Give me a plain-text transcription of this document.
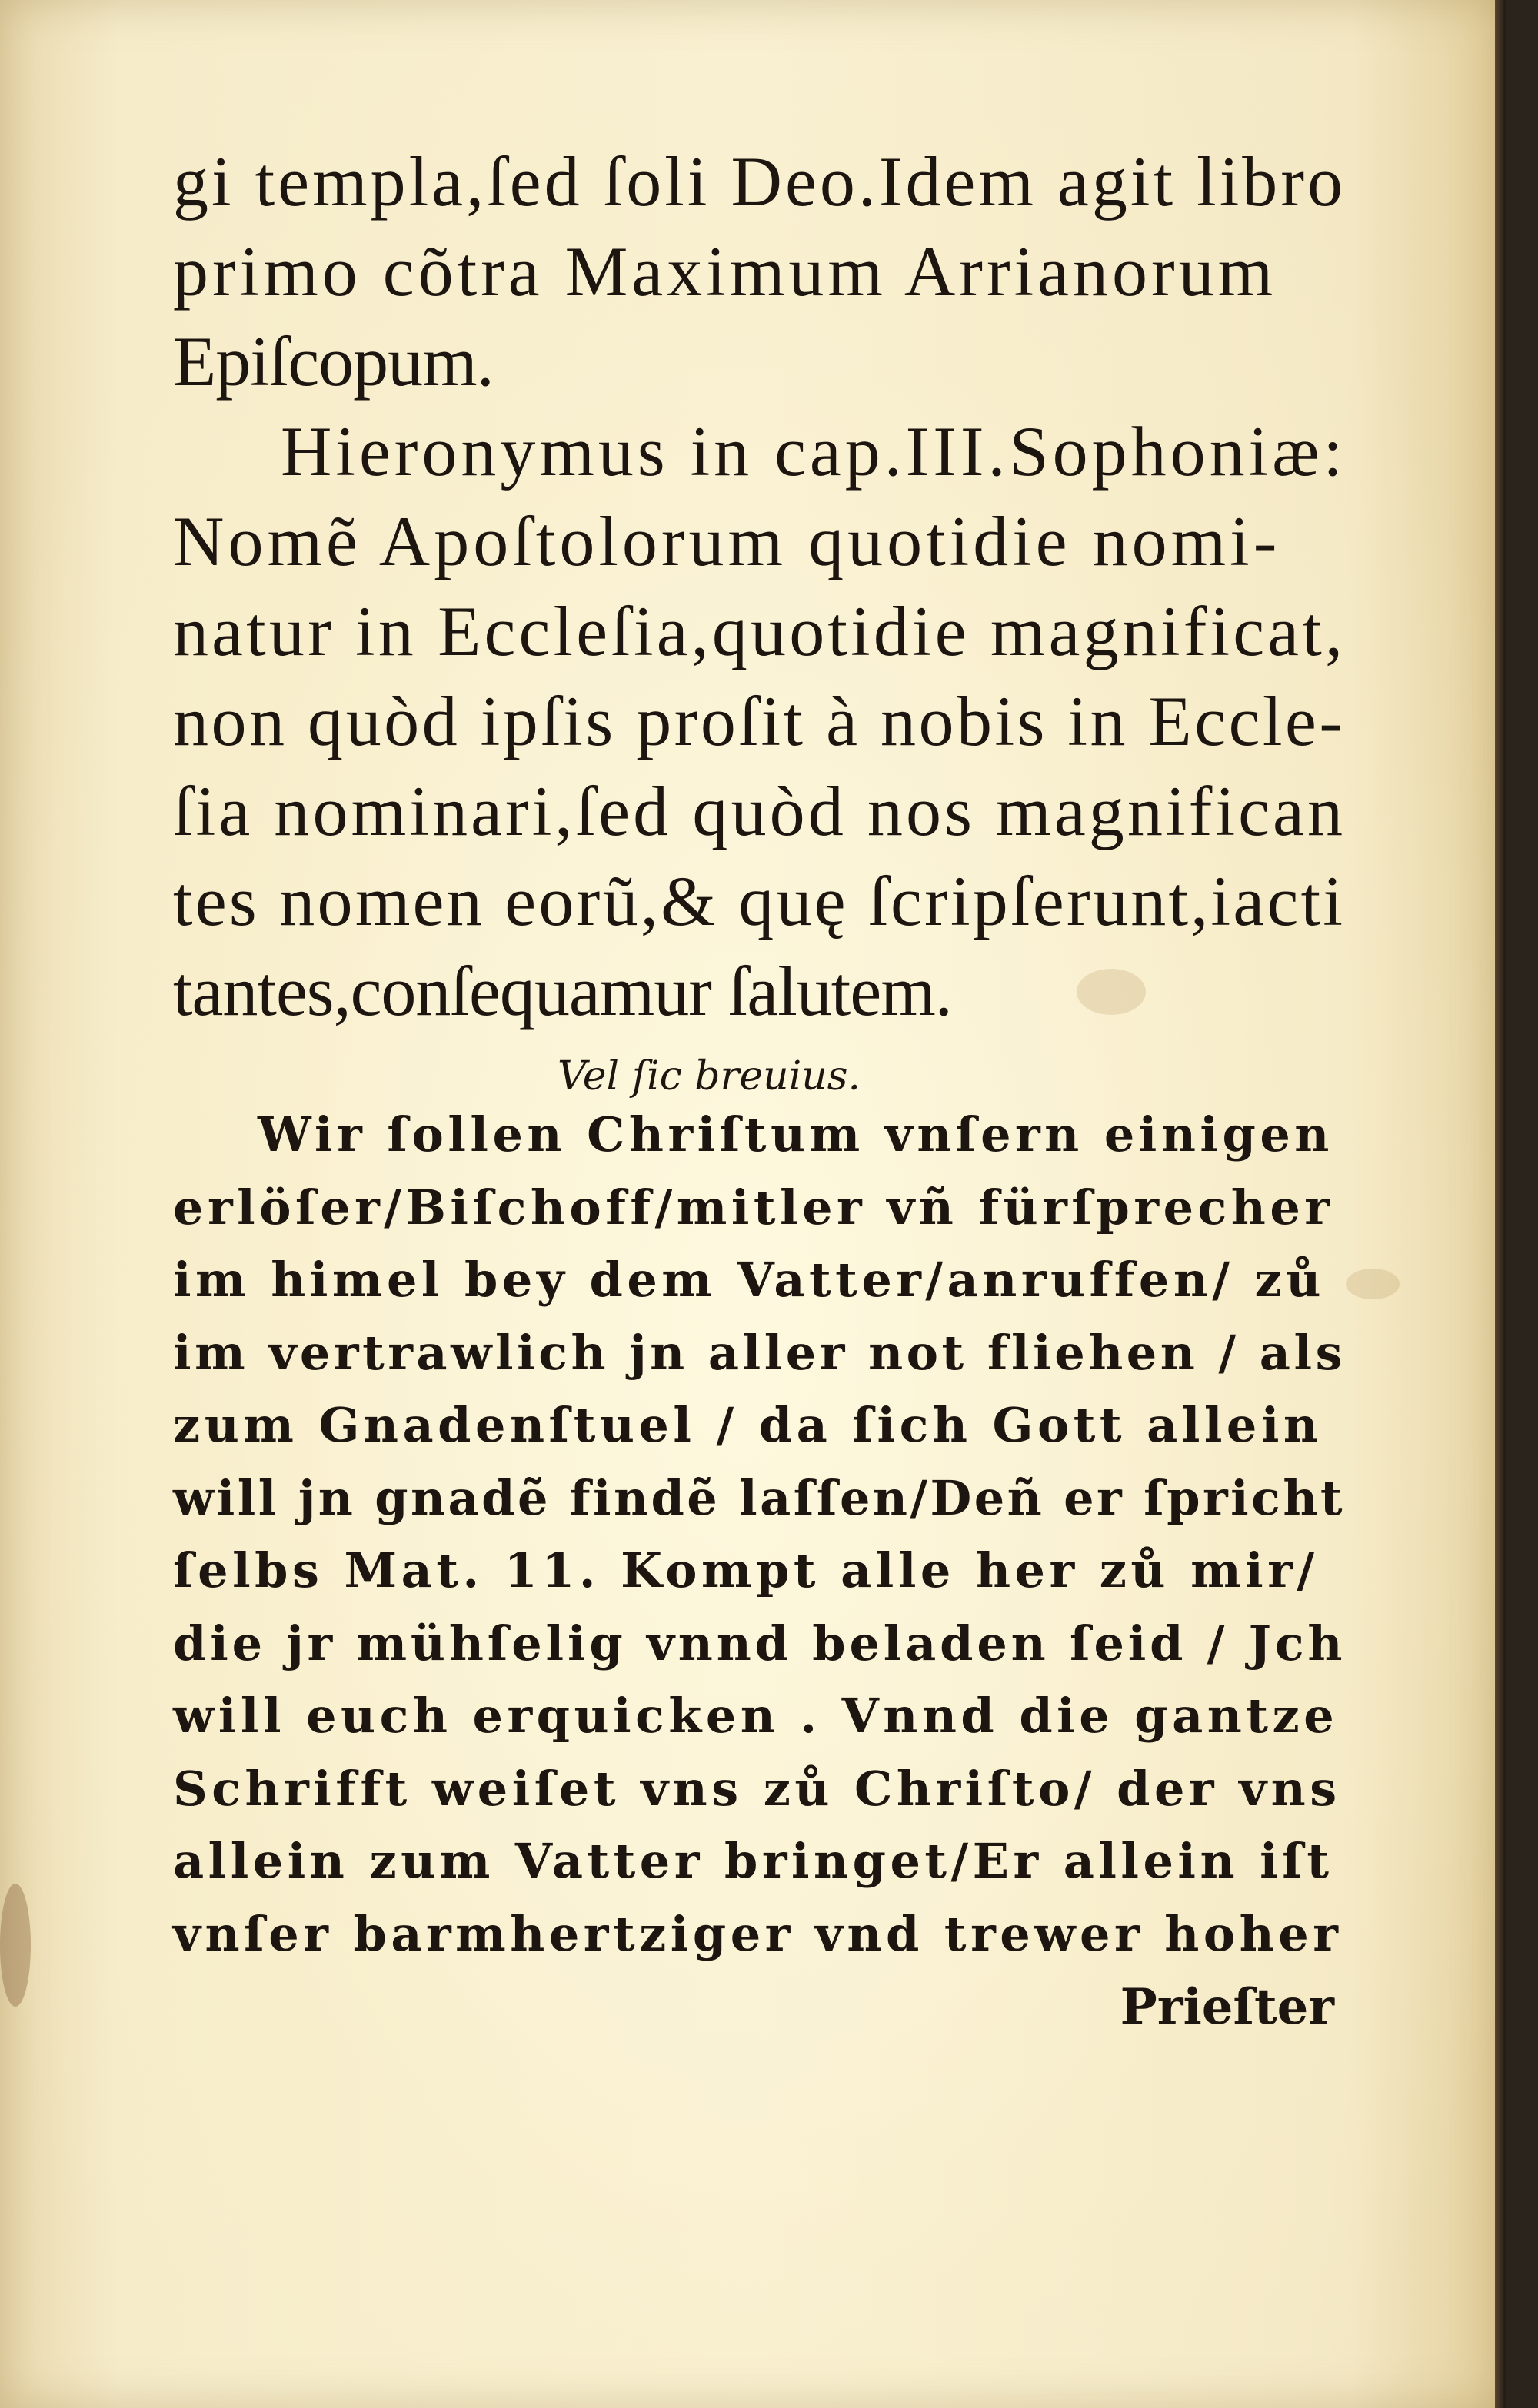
gi templa,ſed ſoli Deo.Idem agit libro
primo cõtra Maximum Arrianorum
Epiſcopum.
Hieronymus in cap.III.Sophoniæ:
Nomẽ Apoſtolorum quotidie nomi-
natur in Eccleſia,quotidie magnificat,
non quòd ipſis proſit à nobis in Eccle-
ſia nominari,ſed quòd nos magnifican
tes nomen eorũ,& quę ſcripſerunt,iacti
tantes,conſequamur ſalutem.
Vel ſic breuius.
Wir ſollen Chriſtum vnſern einigen
erlöſer/Biſchoff/mitler vñ fürſprecher
im himel bey dem Vatter/anruffen/ zů
im vertrawlich jn aller not fliehen / als
zum Gnadenſtuel / da ſich Gott allein
will jn gnadẽ findẽ laſſen/Deñ er ſpricht
ſelbs Mat. 11. Kompt alle her zů mir/
die jr mühſelig vnnd beladen ſeid / Jch
will euch erquicken . Vnnd die gantze
Schrifft weiſet vns zů Chriſto/ der vns
allein zum Vatter bringet/Er allein iſt
vnſer barmhertziger vnd trewer hoher
Prieſter
